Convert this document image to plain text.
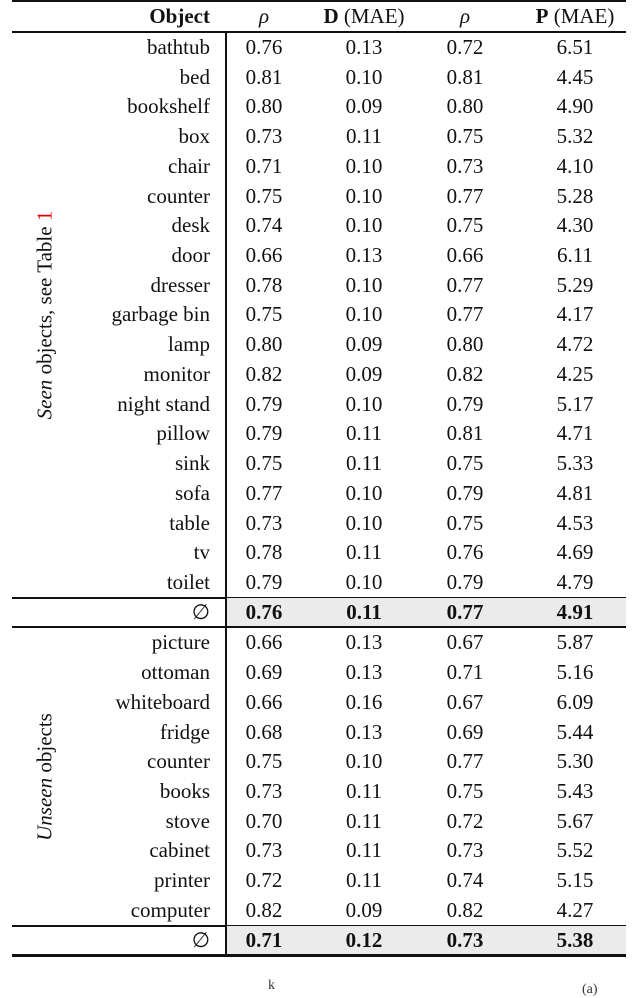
Object	ρ	D (MAE)	ρ	P (MAE)
bathtub	0.76	0.13	0.72	6.51
bed	0.81	0.10	0.81	4.45
bookshelf	0.80	0.09	0.80	4.90
box	0.73	0.11	0.75	5.32
chair	0.71	0.10	0.73	4.10
counter	0.75	0.10	0.77	5.28
desk	0.74	0.10	0.75	4.30
door	0.66	0.13	0.66	6.11
dresser	0.78	0.10	0.77	5.29
garbage bin	0.75	0.10	0.77	4.17
lamp	0.80	0.09	0.80	4.72
monitor	0.82	0.09	0.82	4.25
night stand	0.79	0.10	0.79	5.17
pillow	0.79	0.11	0.81	4.71
sink	0.75	0.11	0.75	5.33
sofa	0.77	0.10	0.79	4.81
table	0.73	0.10	0.75	4.53
tv	0.78	0.11	0.76	4.69
toilet	0.79	0.10	0.79	4.79
Seen objects, see Table 1
∅	0.76	0.11	0.77	4.91
picture	0.66	0.13	0.67	5.87
ottoman	0.69	0.13	0.71	5.16
whiteboard	0.66	0.16	0.67	6.09
fridge	0.68	0.13	0.69	5.44
counter	0.75	0.10	0.77	5.30
books	0.73	0.11	0.75	5.43
stove	0.70	0.11	0.72	5.67
cabinet	0.73	0.11	0.73	5.52
printer	0.72	0.11	0.74	5.15
computer	0.82	0.09	0.82	4.27
Unseen objects
∅	0.71	0.12	0.73	5.38
k	(a)
